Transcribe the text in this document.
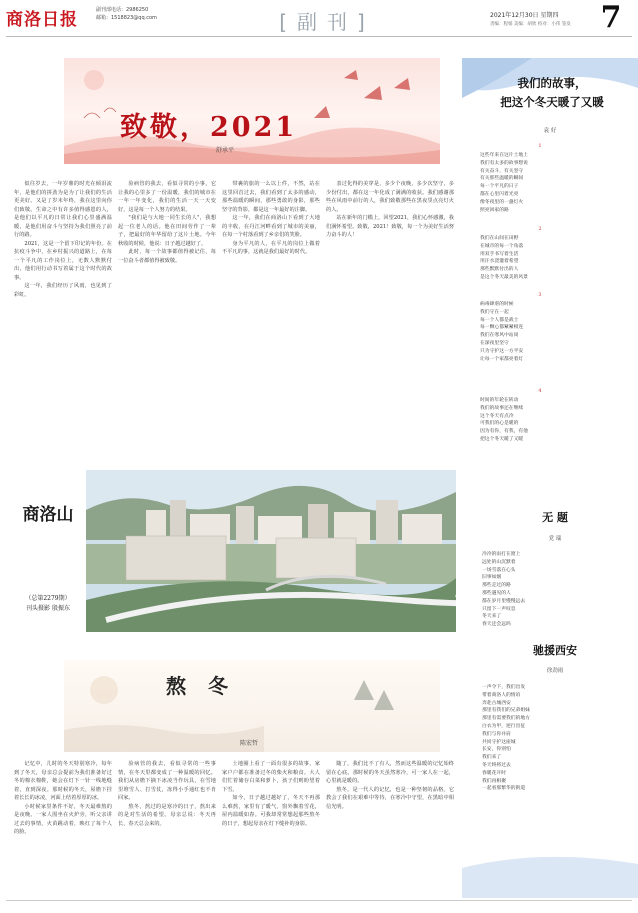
商洛日报	副刊部电话：2986250
邮箱：1518823@qq.com	[副刊]	2021年12月30日 星期四
责编：程娟 美编：胡欣 校对：小伟 签发 7
致敬，2021
舒承平

似往岁去，一年岁鼎的时光在倾泪流年，是他们的拼劲为是为了让我们的生活更美好。又是了岁末年终，我在这里向你们致敬。生命之中有许多值得感恩的人，是他们以平凡的日常让我们心里盛满温暖，是他们用奋斗与坚持为我们照亮了前行的路。

2021，这是一个留下印记的年份。在抗疫斗争中，在乡村振兴的道路上，在每一个平凡的工作岗位上，无数人默默付出，他们用行动书写着属于这个时代的故事。

这一年，我们经历了风雨，也见到了彩虹。

验病管的我去，看似寻常的小事，它让我的心里多了一份温暖，我们的城市在一年一年变化，我们的生活一天一天变好，这是每一个人努力的结果。

"我们是与大地一同生长的人"，我想起一位老人的话。他在田间劳作了一辈子，把最好的年华留给了这片土地。今年秋收的时候，他说：日子越过越好了。

此时，每一个故事都值得被记住，每一位奋斗者都值得被致敬。

带裹的旅的一么以上件，不然，站在这里回首过去，我们看到了太多的感动，那些温暖的瞬间，那些勇敢的身影，那些坚守的背影，都是这一年最好的注脚。

这一年，我们在商洛山下看到了大地的丰收，在丹江河畔看到了城市的美丽，在每一个村落看到了乡亲们的笑脸。

身为平凡的人，在平凡的岗位上做着不平凡的事，这就是我们最好的时代。

表过化得的美穿是，多少个夜晚，多少次坚守，多少份付出，都在这一年化成了满满的收获。我们感谢那些在风雨中前行的人，我们致敬那些在黑夜里点亮灯火的人。

站在新年的门槛上，回望2021，我们心怀感激，我们满怀希望。致敬，2021！致敬，每一个为美好生活努力奋斗的人！

商洛山
（总第2279期）
刊头摄影 殷振东
熬冬
陈宏哲

记忆中，儿时的冬天特别寒冷，每年到了冬天，母亲总会提前为我们准备好过冬的棉衣棉鞋，她会在灯下一针一线地缝着，直到深夜。那时候的冬天，屋檐下挂着长长的冰凌，河面上结着厚厚的冰。

小时候家里条件不好，冬天最难熬的是夜晚。一家人围坐在火炉旁，听父亲讲过去的事情，火苗跳动着，映红了每个人的脸。

验病管的我去，看似寻常的一些事情，在冬天里都变成了一种温暖的回忆。我们从房檐下摘下冰凌当作玩具，在雪地里堆雪人、打雪仗，冻得小手通红也不肯回家。

熬冬，熬过的是寒冷的日子，熬出来的是对生活的希望。母亲总说：冬天再长，春天总会来的。

土地圈上看了一面有很多的故事，家家户户都在准备过冬的柴火和粮食。大人们忙着储存白菜和萝卜，孩子们则盼望着下雪。

如今，日子越过越好了，冬天不再那么难熬，家里有了暖气，窗外飘着雪花，屋内温暖如春。可我却常常想起那些熬冬的日子，想起母亲在灯下缝补的身影。

随了，我们比不了有人，然而这些温暖的记忆始终留在心底。那时候的冬天虽然寒冷，可一家人在一起，心里就是暖的。

熬冬，是一代人的记忆，也是一种坚韧的品格。它教会了我们在艰难中等待，在寒冷中守望，在黑暗中相信光明。

我们的故事，
把这个冬天暖了又暖
袁 好
1
这些年来在这片土地上
我们有太多的故事想说
有关奋斗，有关坚守
有关那些温暖的瞬间
每一个平凡的日子
都在心里闪着光亮
像冬夜里的一盏灯火
照亮回家的路
2
我们在山间在田野
在城市的每一个角落
用双手书写着生活
用汗水浇灌着希望
那些默默付出的人
是这个冬天最美的风景
3
病毒肆虐的时候
我们守在一起
每一个人都是战士
每一颗心都紧紧相连
我们在寒风中站岗
在深夜里坚守
只为守护这一方平安
让每一个家都亮着灯
4
时间的年轮在转动
我们的故事还在继续
这个冬天有点冷
可我们的心是暖的
因为有你，有我，有他
把这个冬天暖了又暖
无 题
党 瑞
冷冷的雨打在窗上
远处的山沉默着
一场雪落在心头
旧事如烟
那些走过的路
那些遇见的人
都在岁月里慢慢远去
只留下一声叹息
冬天来了
春天还会远吗
驰援西安
徐劲雨
一声令下，我们出发
带着商洛人的情谊
奔赴古城西安
那里有我们的兄弟姐妹
那里有需要我们的地方
白衣为甲，逆行出征
我们与你并肩
共同守护这座城
长安，你别怕
我们来了
冬天终将过去
春暖花开时
我们再相聚
一起看那繁华的街道
